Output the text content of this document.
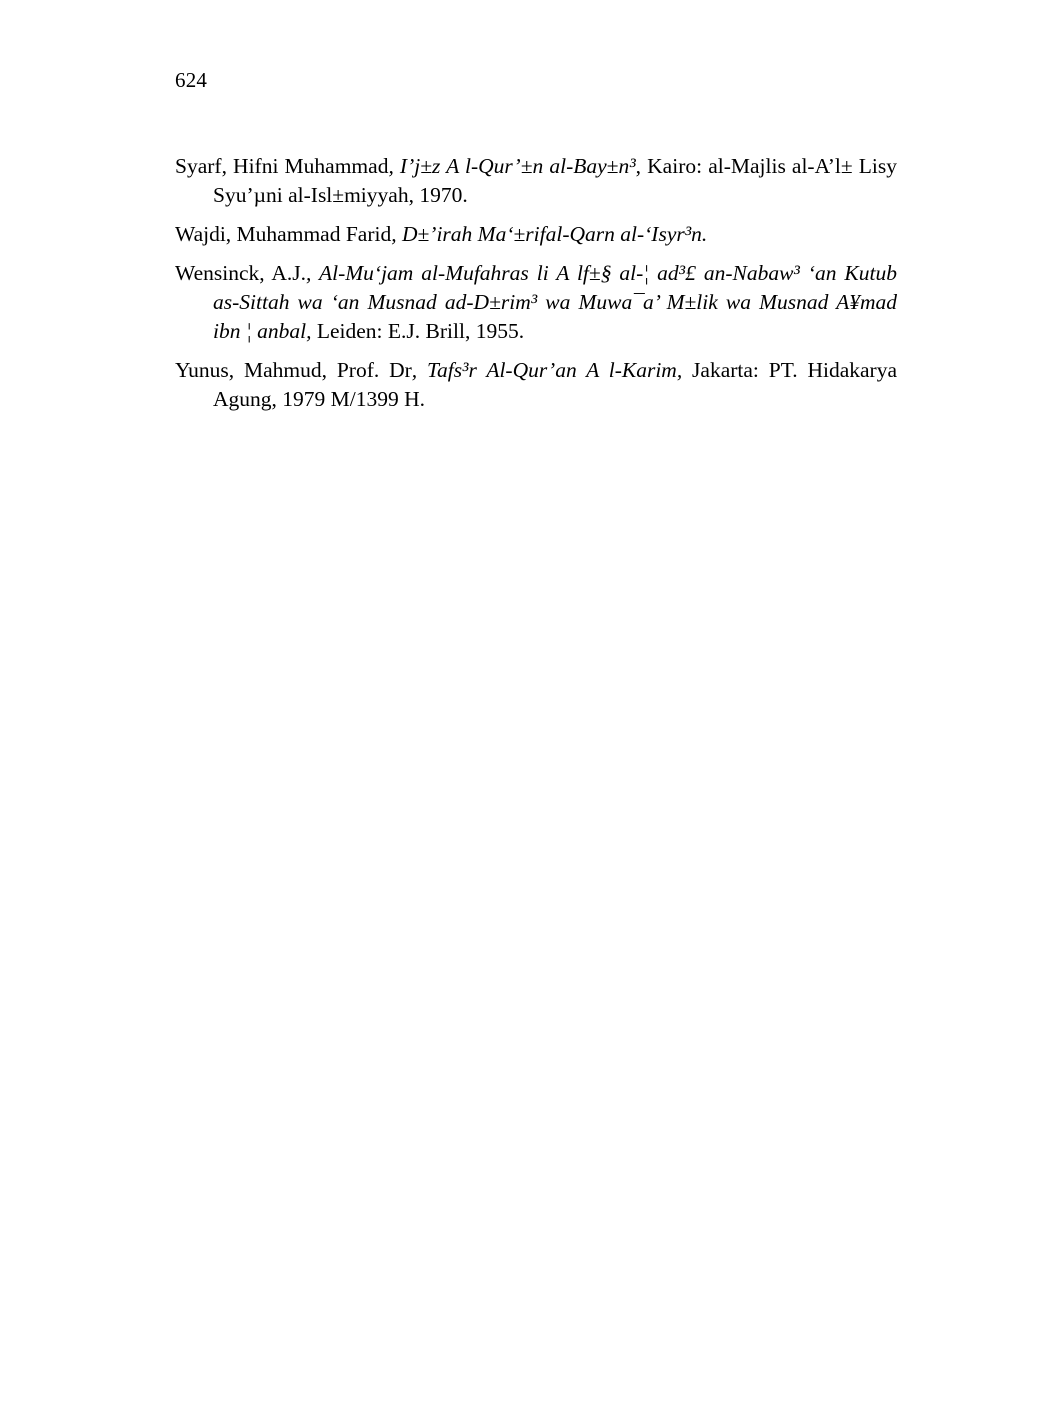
624
Syarf, Hifni Muhammad, I’j±z A l-Qur’±n al-Bay±n³, Kairo: al-Majlis al-A’l± Lisy Syu’µni al-Isl±miyyah, 1970.
Wajdi, Muhammad Farid, D±’irah Ma‘±rifal-Qarn al-‘Isyr³n.
Wensinck, A.J., Al-Mu‘jam al-Mufahras li A lf±§ al-¦ ad³£ an-Nabaw³ ‘an Kutub as-Sittah wa ‘an Musnad ad-D±rim³ wa Muwa¯a’ M±lik wa Musnad A¥mad ibn ¦ anbal, Leiden: E.J. Brill, 1955.
Yunus, Mahmud, Prof. Dr, Tafs³r Al-Qur’an A l-Karim, Jakarta: PT. Hidakarya Agung, 1979 M/1399 H.
